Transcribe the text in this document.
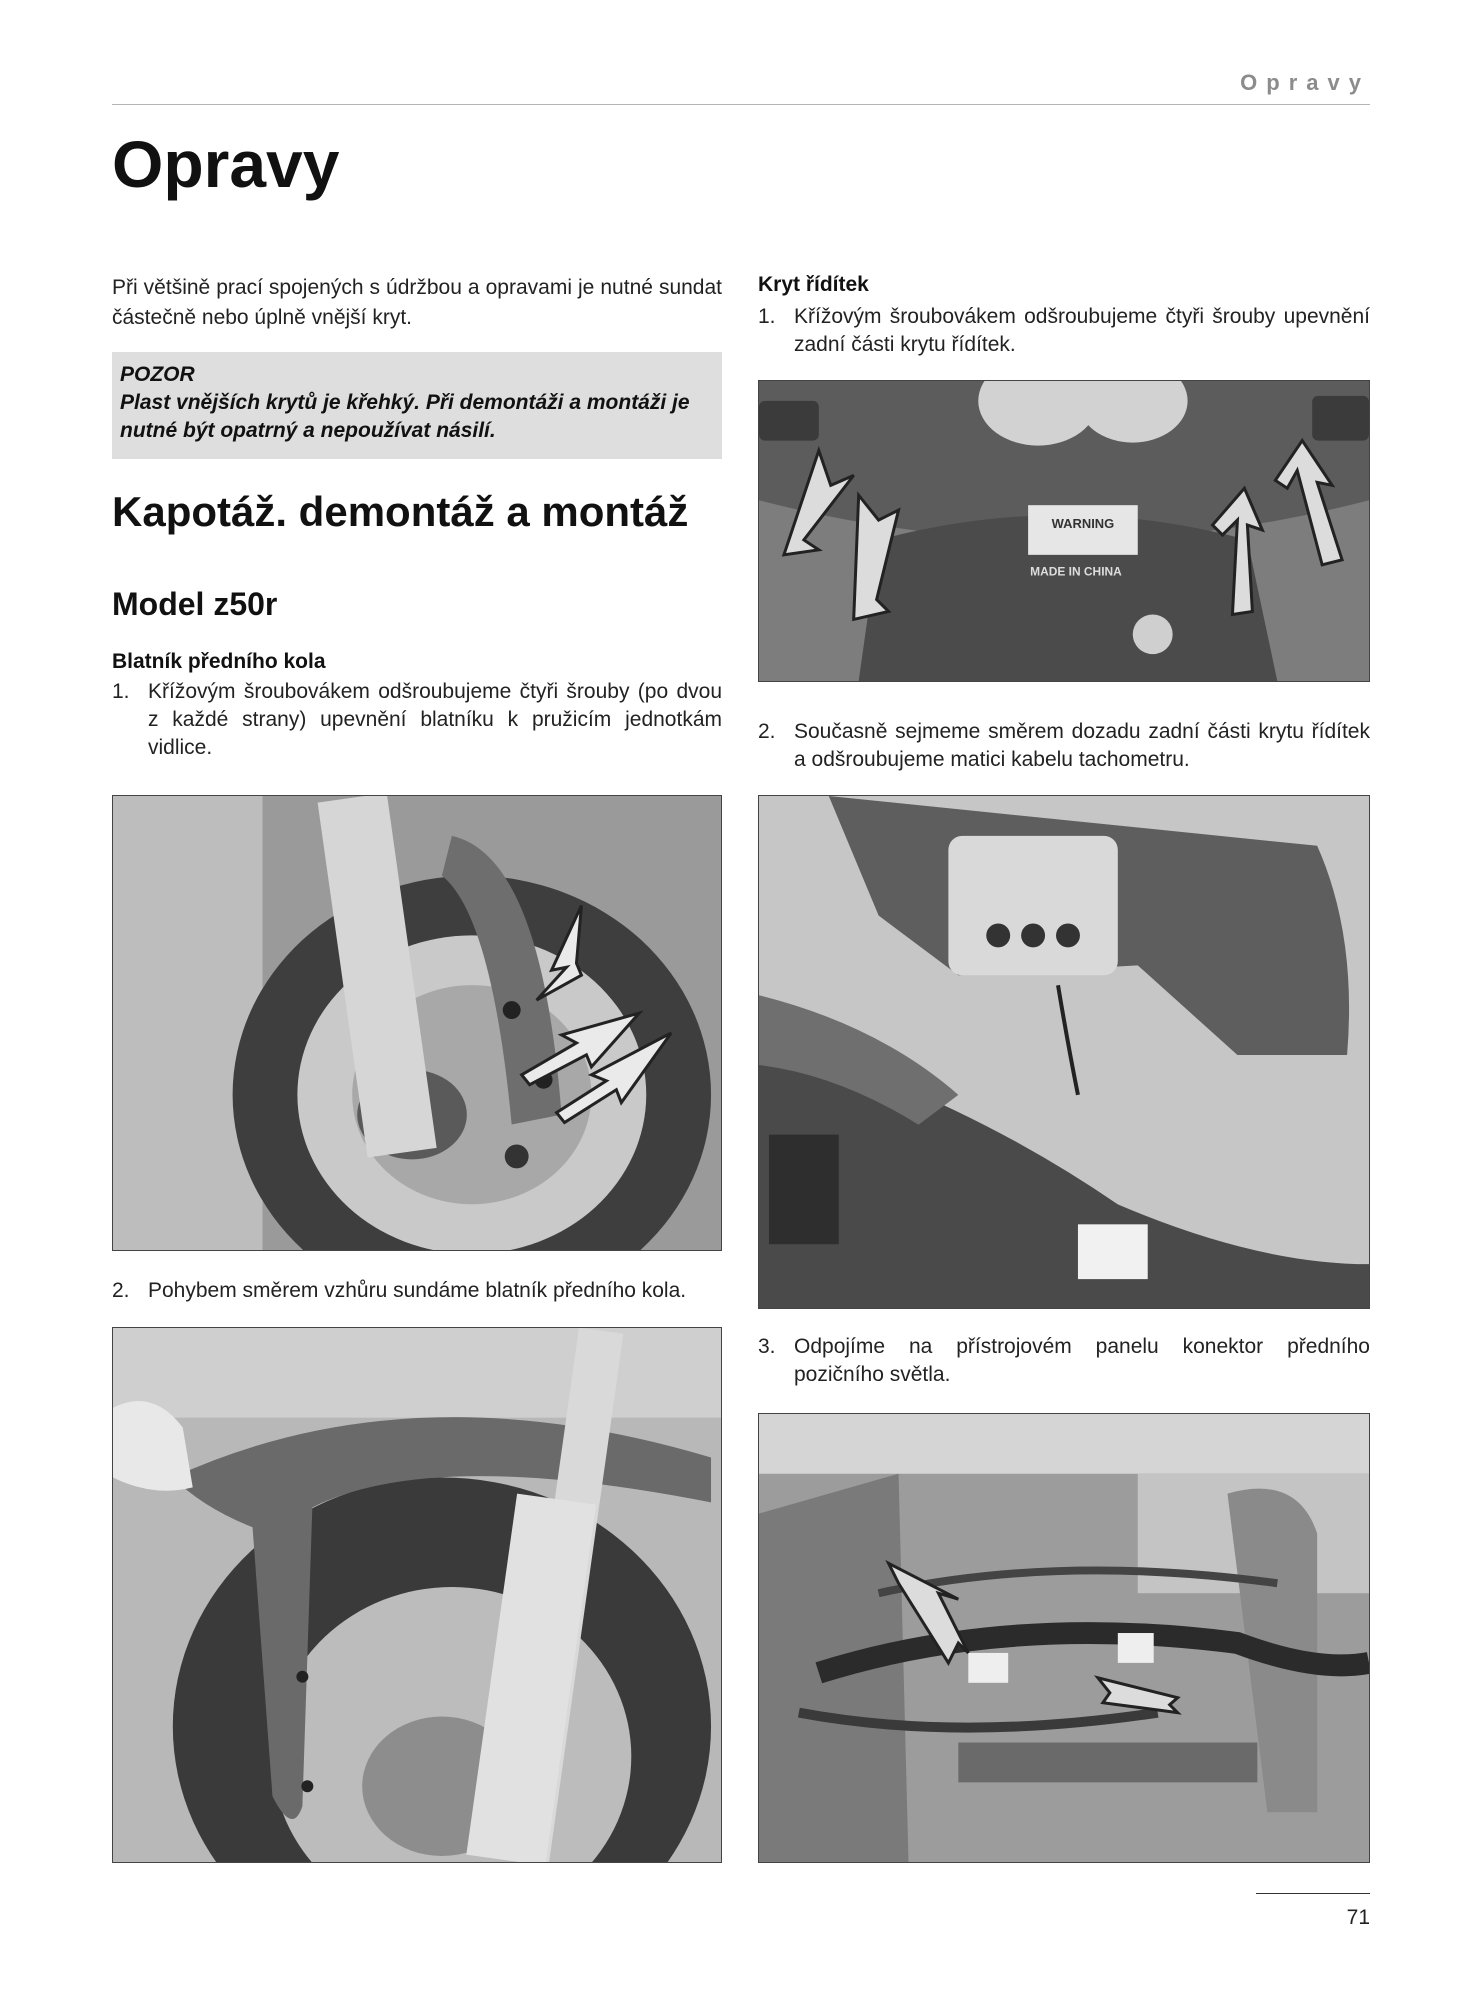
Opravy
Opravy
Při většině prací spojených s údržbou a opravami je nutné sundat částečně nebo úplně vnější kryt.
POZOR
Plast vnějších krytů je křehký. Při demontáži a montáži je nutné být opatrný a nepoužívat násilí.
Kapotáž. demontáž a montáž
Model z50r
Blatník předního kola
1. Křížovým šroubovákem odšroubujeme čtyři šrouby (po dvou z každé strany) upevnění blatníku k pružicím jednotkám vidlice.
2. Pohybem směrem vzhůru sundáme blatník předního kola.
Kryt řídítek
1. Křížovým šroubovákem odšroubujeme čtyři šrouby upevnění zadní části krytu řídítek.
WARNING
MADE IN CHINA
2. Současně sejmeme směrem dozadu zadní části krytu řídítek a odšroubujeme matici kabelu tachometru.
3. Odpojíme na přístrojovém panelu konektor předního pozičního světla.
71
